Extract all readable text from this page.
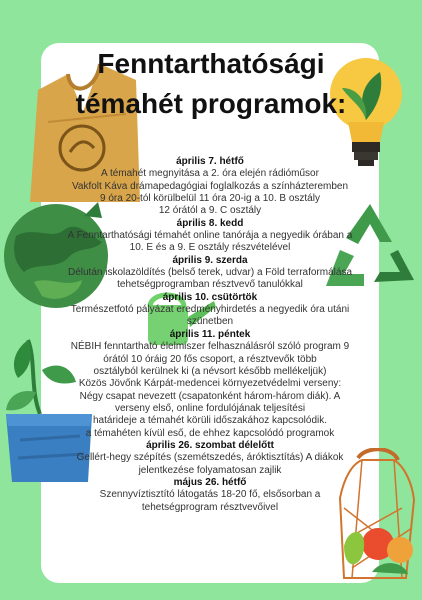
Fenntarthatósági
témahét programok:
április 7. hétfő
A témahét megnyitása a 2. óra elején rádióműsor
Vakfolt Káva drámapedagógiai foglalkozás a színházteremben
9 óra 20-tól körülbelül 11 óra 20-ig a 10. B osztály
12 órától a 9. C osztály
április 8. kedd
A Fenntarthatósági témahét online tanórája a negyedik órában a
10. E és a 9. E osztály részvételével
április 9. szerda
Délután iskolazöldítés (belső terek, udvar) a Föld terraformálása
tehetségprogramban résztvevő tanulókkal
április 10. csütörtök
Természetfotó pályázat eredményhirdetés a negyedik óra utáni
szünetben
április 11. péntek
NÉBIH fenntartható élelmiszer felhasználásról szóló program 9
órától 10 óráig 20 fős csoport, a résztvevők több
osztályból kerülnek ki (a névsort később mellékeljük)
Közös Jövőnk Kárpát-medencei környezetvédelmi verseny:
Négy csapat nevezett (csapatonként három-három diák). A
verseny első, online fordulójának teljesítési
határideje a témahét körüli időszakához kapcsolódik.
a témahéten kívül eső, de ehhez kapcsolódó programok
április 26. szombat délelőtt
Gellért-hegy szépítés (szemétszedés, áróktisztítás) A diákok
jelentkezése folyamatosan zajlik
május 26. hétfő
Szennyvíztisztító látogatás 18-20 fő, elsősorban a
tehetségprogram résztvevőivel
